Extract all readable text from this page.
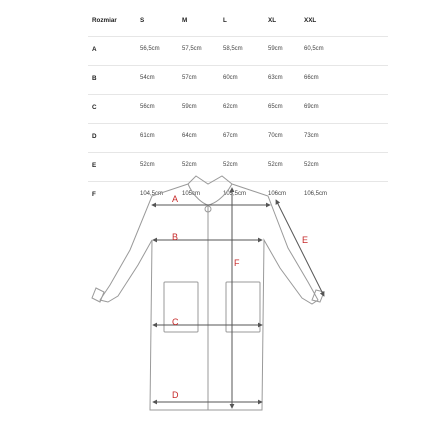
Rozmiar	S	M	L	XL	XXL
A	56,5cm	57,5cm	58,5cm	59cm	60,5cm
B	54cm	57cm	60cm	63cm	66cm
C	56cm	59cm	62cm	65cm	69cm
D	61cm	64cm	67cm	70cm	73cm
E	52cm	52cm	52cm	52cm	52cm
F	104,5cm	105cm	105,5cm	106cm	106,5cm
A
B
C
D
E
F
